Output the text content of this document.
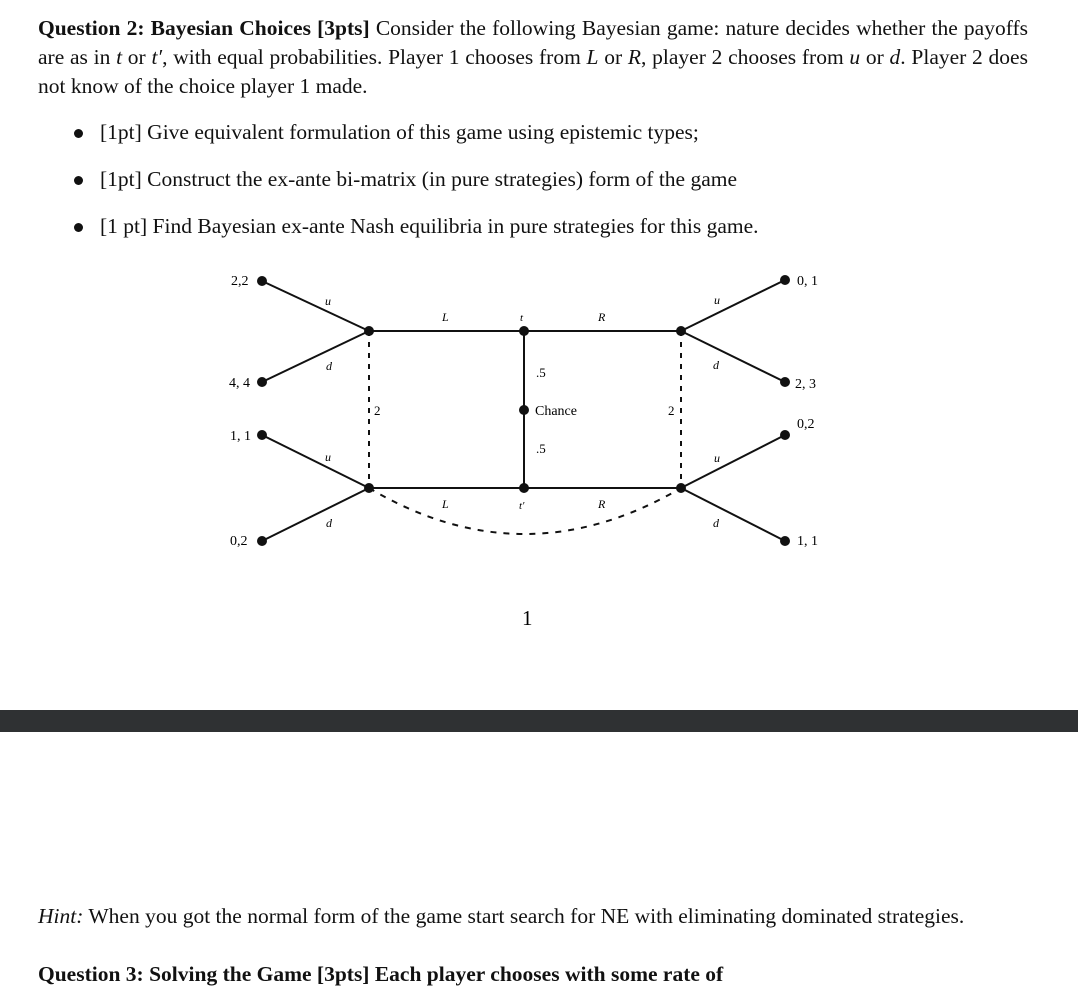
Question 2: Bayesian Choices [3pts] Consider the following Bayesian game: nature decides whether the payoffs are as in t or t′, with equal probabilities. Player 1 chooses from L or R, player 2 chooses from u or d. Player 2 does not know of the choice player 1 made.
[1pt] Give equivalent formulation of this game using epistemic types;
[1pt] Construct the ex-ante bi-matrix (in pure strategies) form of the game
[1 pt] Find Bayesian ex-ante Nash equilibria in pure strategies for this game.
2,2
4, 4
1, 1
0,2
0, 1
2, 3
0,2
1, 1
u
d
u
d
u
d
u
d
L	R
L	R
t
t′
.5
.5
Chance
2	2
1
Hint: When you got the normal form of the game start search for NE with eliminating dominated strategies.
Question 3: Solving the Game [3pts] Each player chooses with some rate of
